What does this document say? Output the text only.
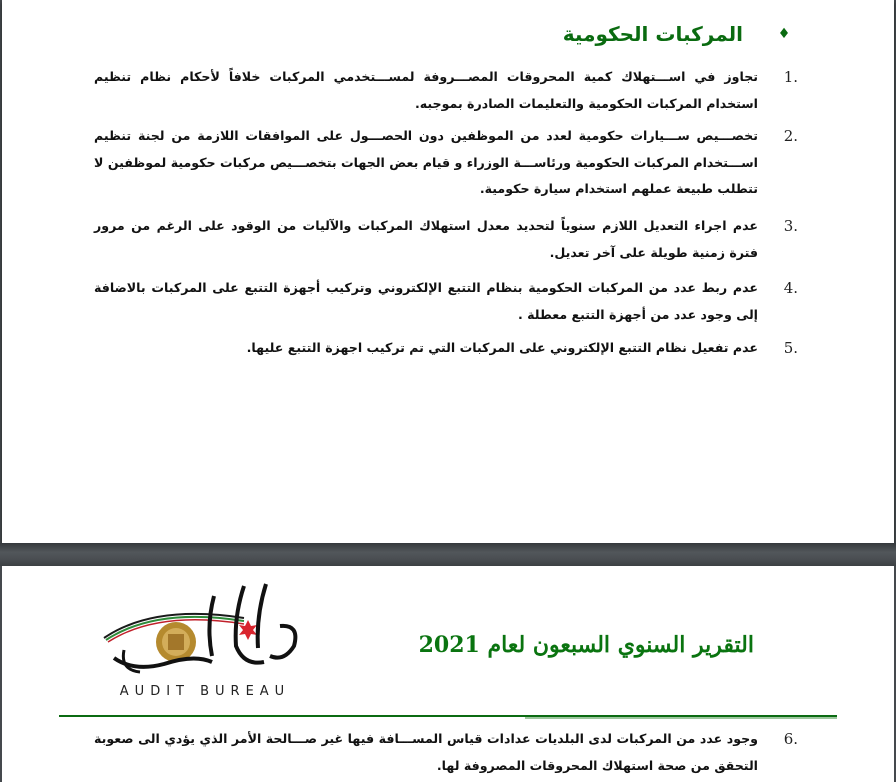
♦
المركبات الحكومية
1.
تجاوز في اســـتهلاك كمية المحروقات المصـــروفة لمســـتخدمي المركبات خلافاً لأحكام نظام تنظيم استخدام المركبات الحكومية والتعليمات الصادرة بموجبه.
2.
تخصـــيص ســـيارات حكومية لعدد من الموظفين دون الحصـــول على الموافقات اللازمة من لجنة تنظيم اســـتخدام المركبات الحكومية ورئاســـة الوزراء و قيام بعض الجهات بتخصـــيص مركبات حكومية لموظفين لا تتطلب طبيعة عملهم استخدام سيارة حكومية.
3.
عدم اجراء التعديل اللازم سنوياً لتحديد معدل استهلاك المركبات والآليات من الوقود على الرغم من مرور فترة زمنية طويلة على آخر تعديل.
4.
عدم ربط عدد من المركبات الحكومية بنظام التتبع الإلكتروني وتركيب أجهزة التتبع على المركبات بالاضافة إلى وجود عدد من أجهزة التتبع معطلة .
5.
عدم تفعيل نظام التتبع الإلكتروني على المركبات التي تم تركيب اجهزة التتبع عليها.
AUDIT BUREAU
التقرير السنوي السبعون لعام 2021
6.
وجود عدد من المركبات لدى البلديات عدادات قياس المســـافة فيها غير صـــالحة الأمر الذي يؤدي الى صعوبة التحقق من صحة استهلاك المحروقات المصروفة لها.
